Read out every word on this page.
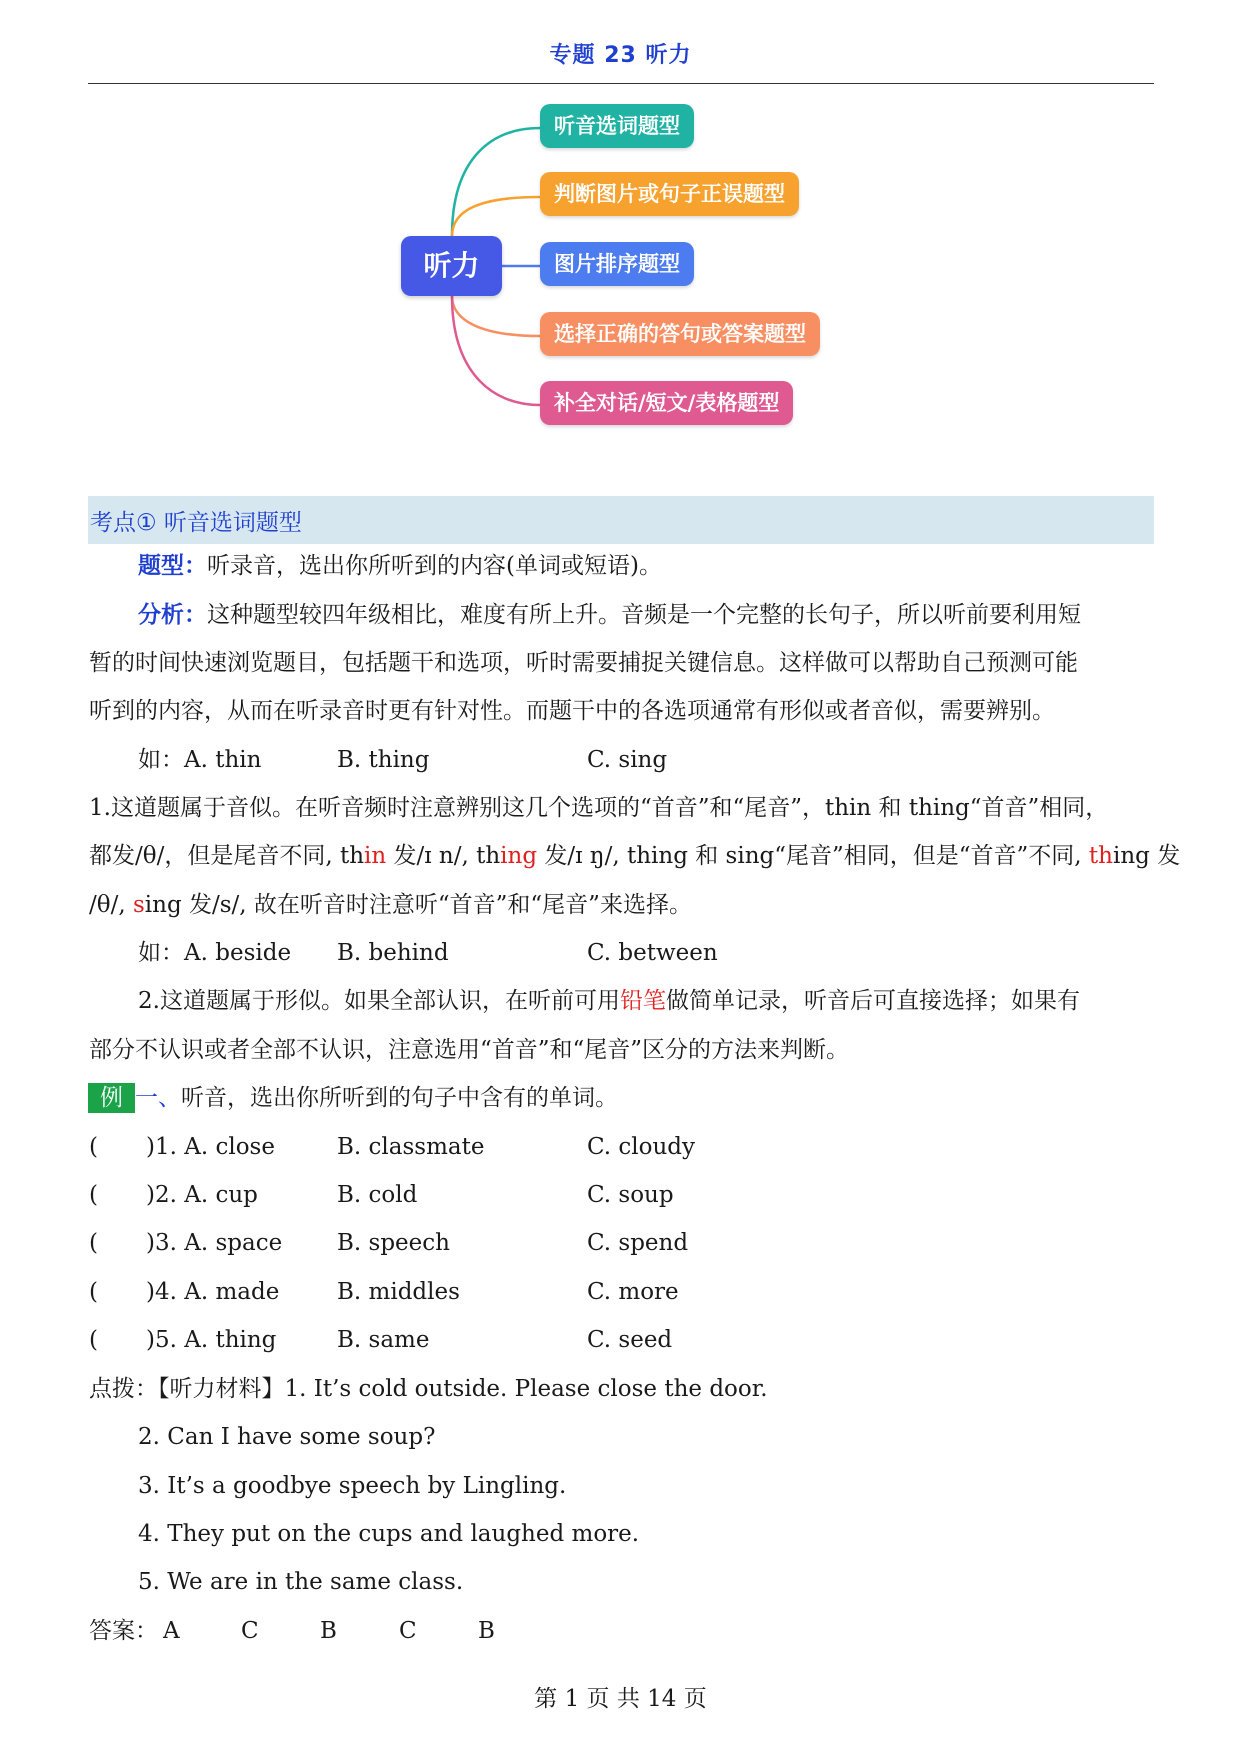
专题 23 听力
听力
听音选词题型
判断图片或句子正误题型
图片排序题型
选择正确的答句或答案题型
补全对话/短文/表格题型
考点① 听音选词题型
题型：听录音，选出你所听到的内容(单词或短语)。
分析：这种题型较四年级相比，难度有所上升。音频是一个完整的长句子，所以听前要利用短
暂的时间快速浏览题目，包括题干和选项，听时需要捕捉关键信息。这样做可以帮助自己预测可能
听到的内容，从而在听录音时更有针对性。而题干中的各选项通常有形似或者音似，需要辨别。
如：A. thin	B. thing	C. sing
1.这道题属于音似。在听音频时注意辨别这几个选项的“首音”和“尾音”，thin 和 thing“首音”相同，
都发/θ/，但是尾音不同, thin 发/ɪ n/, thing 发/ɪ ŋ/, thing 和 sing“尾音”相同，但是“首音”不同, thing 发
/θ/, sing 发/s/, 故在听音时注意听“首音”和“尾音”来选择。
如：A. beside B. behind	C. between
2.这道题属于形似。如果全部认识，在听前可用铅笔做简单记录，听音后可直接选择；如果有
部分不认识或者全部不认识，注意选用“首音”和“尾音”区分的方法来判断。
例 一、听音，选出你所听到的句子中含有的单词。
( )1. A. close	B. classmate	C. cloudy
( )2. A. cup	B. cold	C. soup
( )3. A. space B. speech	C. spend
( )4. A. made	B. middles	C. more
( )5. A. thing	B. same	C. seed
点拨：【听力材料】1. It’s cold outside. Please close the door.
2. Can I have some soup?
3. It’s a goodbye speech by Lingling.
4. They put on the cups and laughed more.
5. We are in the same class.
答案： A	C	B	C	B
第 1 页 共 14 页
